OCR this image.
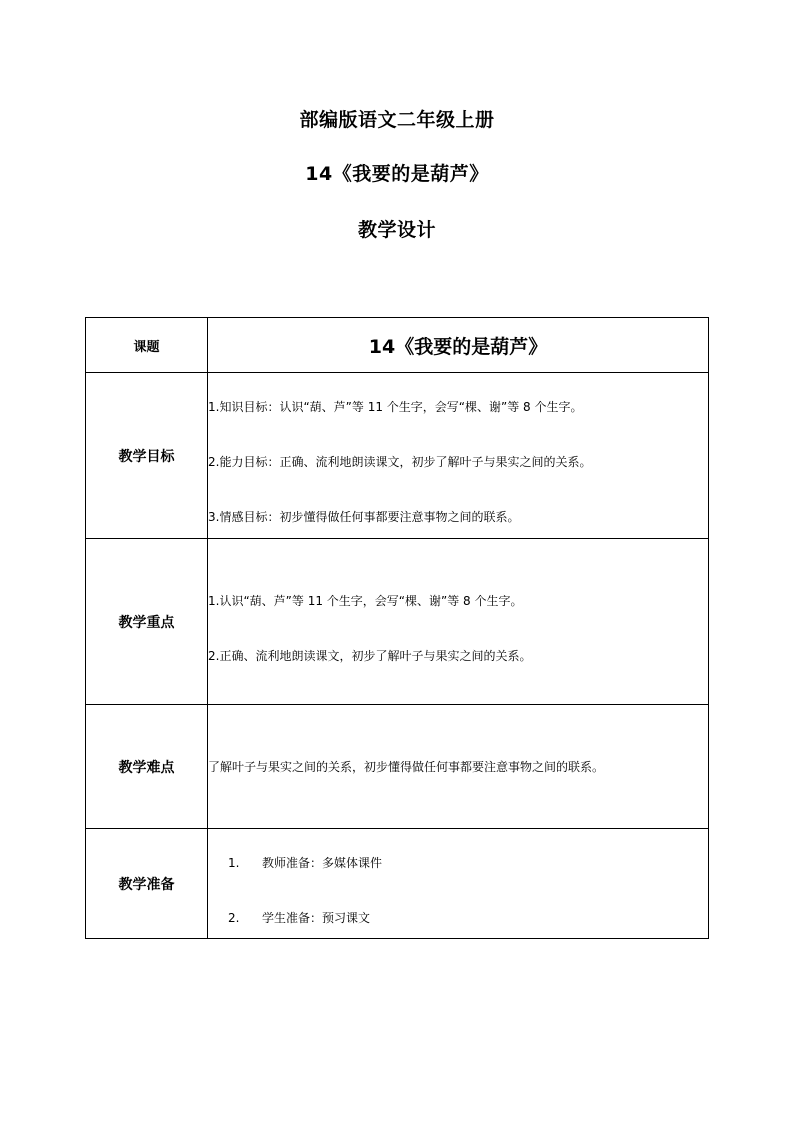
部编版语文二年级上册
14《我要的是葫芦》
教学设计
课题	14《我要的是葫芦》
教学目标	1.知识目标：认识“葫、芦”等 11 个生字，会写“棵、谢”等 8 个生字。
2.能力目标：正确、流利地朗读课文，初步了解叶子与果实之间的关系。
3.情感目标：初步懂得做任何事都要注意事物之间的联系。

教学重点	1.认识“葫、芦”等 11 个生字，会写“棵、谢”等 8 个生字。
2.正确、流利地朗读课文，初步了解叶子与果实之间的关系。

教学难点	了解叶子与果实之间的关系，初步懂得做任何事都要注意事物之间的联系。

教学准备	1. 教师准备：多媒体课件
2. 学生准备：预习课文
